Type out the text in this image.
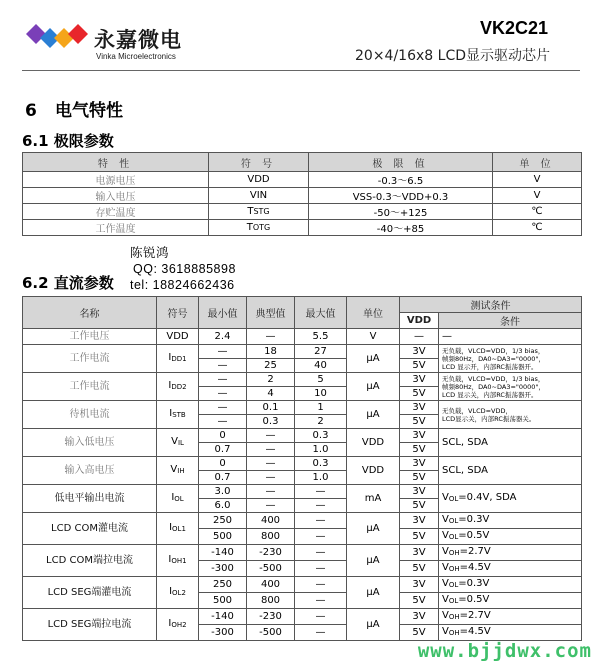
永嘉微电
Vinka Microelectronics
VK2C21
20×4/16x8 LCD显示驱动芯片
6 电气特性
6.1 极限参数
特 性	符 号	极 限 值	单 位
电源电压	VDD	-0.3～6.5	V
输入电压	VIN	VSS-0.3～VDD+0.3	V
存贮温度	TSTG	-50～+125	℃
工作温度	TOTG	-40～+85	℃
陈锐鸿
QQ: 3618885898
tel: 18824662436
6.2 直流参数
名称	符号	最小值	典型值	最大值	单位	测试条件	
						VDD	条件
工作电压	VDD	2.4	—	5.5	V	—	—
工作电流	$I_{DD1}$	—	18	27	μA	3V	无负载，VLCD=VDD，1/3 bias，
帧频80Hz，DA0~DA3="0000"，
LCD 显示开，内部RC振荡器开。

		—	25	40		5V	
工作电流	$I_{DD2}$	—	2	5	μA	3V	无负载，VLCD=VDD，1/3 bias，
帧频80Hz，DA0~DA3="0000"，
LCD 显示关，内部RC振荡器开。

		—	4	10		5V	
待机电流	$I_{STB}$	—	0.1	1	μA	3V	无负载，VLCD=VDD，
LCD显示关，内部RC振荡器关。

		—	0.3	2		5V	
输入低电压	$V_{IL}$	0	—	0.3	VDD	3V	SCL, SDA
		0.7	—	1.0		5V	
输入高电压	$V_{IH}$	0	—	0.3	VDD	3V	SCL, SDA
		0.7	—	1.0		5V	
低电平输出电流	$I_{OL}$	3.0	—	—	mA	3V	$V_{OL}=0.4V$, SDA
		6.0	—	—		5V	
LCD COM灌电流	$I_{OL1}$	250	400	—	μA	3V	$V_{OL}=0.3V$
		500	800	—		5V	$V_{OL}=0.5V$
LCD COM端拉电流	$I_{OH1}$	-140	-230	—	μA	3V	$V_{OH}=2.7V$
		-300	-500	—		5V	$V_{OH}=4.5V$
LCD SEG端灌电流	$I_{OL2}$	250	400	—	μA	3V	$V_{OL}=0.3V$
		500	800	—		5V	$V_{OL}=0.5V$
LCD SEG端拉电流	$I_{OH2}$	-140	-230	—	μA	3V	$V_{OH}=2.7V$
		-300	-500	—		5V	$V_{OH}=4.5V$
www.bjjdwx.com
